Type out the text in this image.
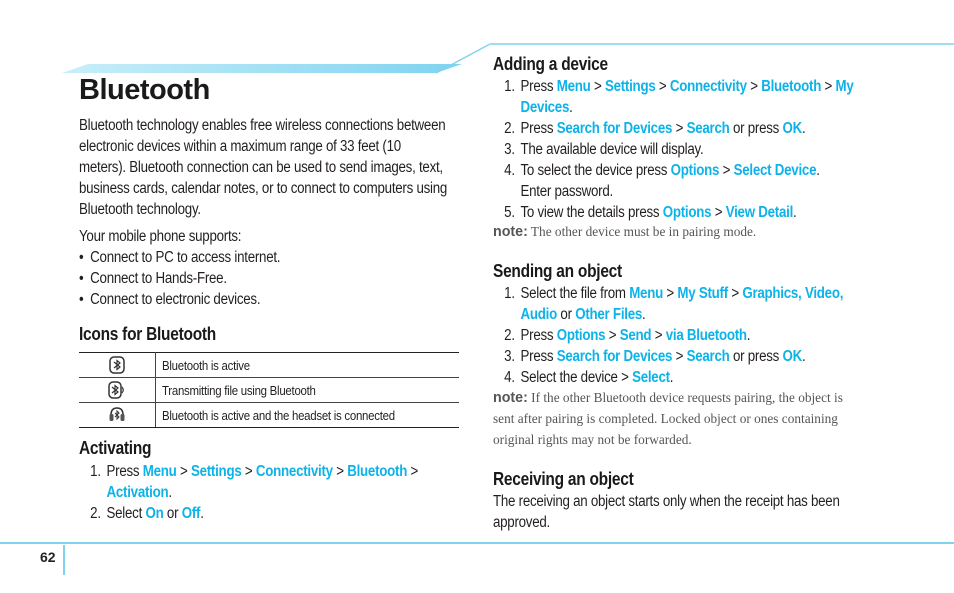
Bluetooth

Bluetooth technology enables free wireless connections between electronic devices within a maximum range of 33 feet (10 meters). Bluetooth connection can be used to send images, text, business cards, calendar notes, or to connect to computers using Bluetooth technology.

Your mobile phone supports:
• Connect to PC to access internet.
• Connect to Hands-Free.
• Connect to electronic devices.
Icons for Bluetooth
	Bluetooth is active
	Transmitting file using Bluetooth
	Bluetooth is active and the headset is connected
Activating
1. Press Menu > Settings > Connectivity > Bluetooth >
Activation.
2. Select On or Off.
Adding a device
1. Press Menu > Settings > Connectivity > Bluetooth > My Devices.
2. Press Search for Devices > Search or press OK.
3. The available device will display.
4. To select the device press Options > Select Device.
Enter password.
5. To view the details press Options > View Detail.

note: The other device must be in pairing mode.

Sending an object
1. Select the file from Menu > My Stuff > Graphics, Video, Audio or Other Files.
2. Press Options > Send > via Bluetooth.
3. Press Search for Devices > Search or press OK.
4. Select the device > Select.

note: If the other Bluetooth device requests pairing, the object is sent after pairing is completed. Locked object or ones containing original rights may not be forwarded.

Receiving an object

The receiving an object starts only when the receipt has been approved.

62
